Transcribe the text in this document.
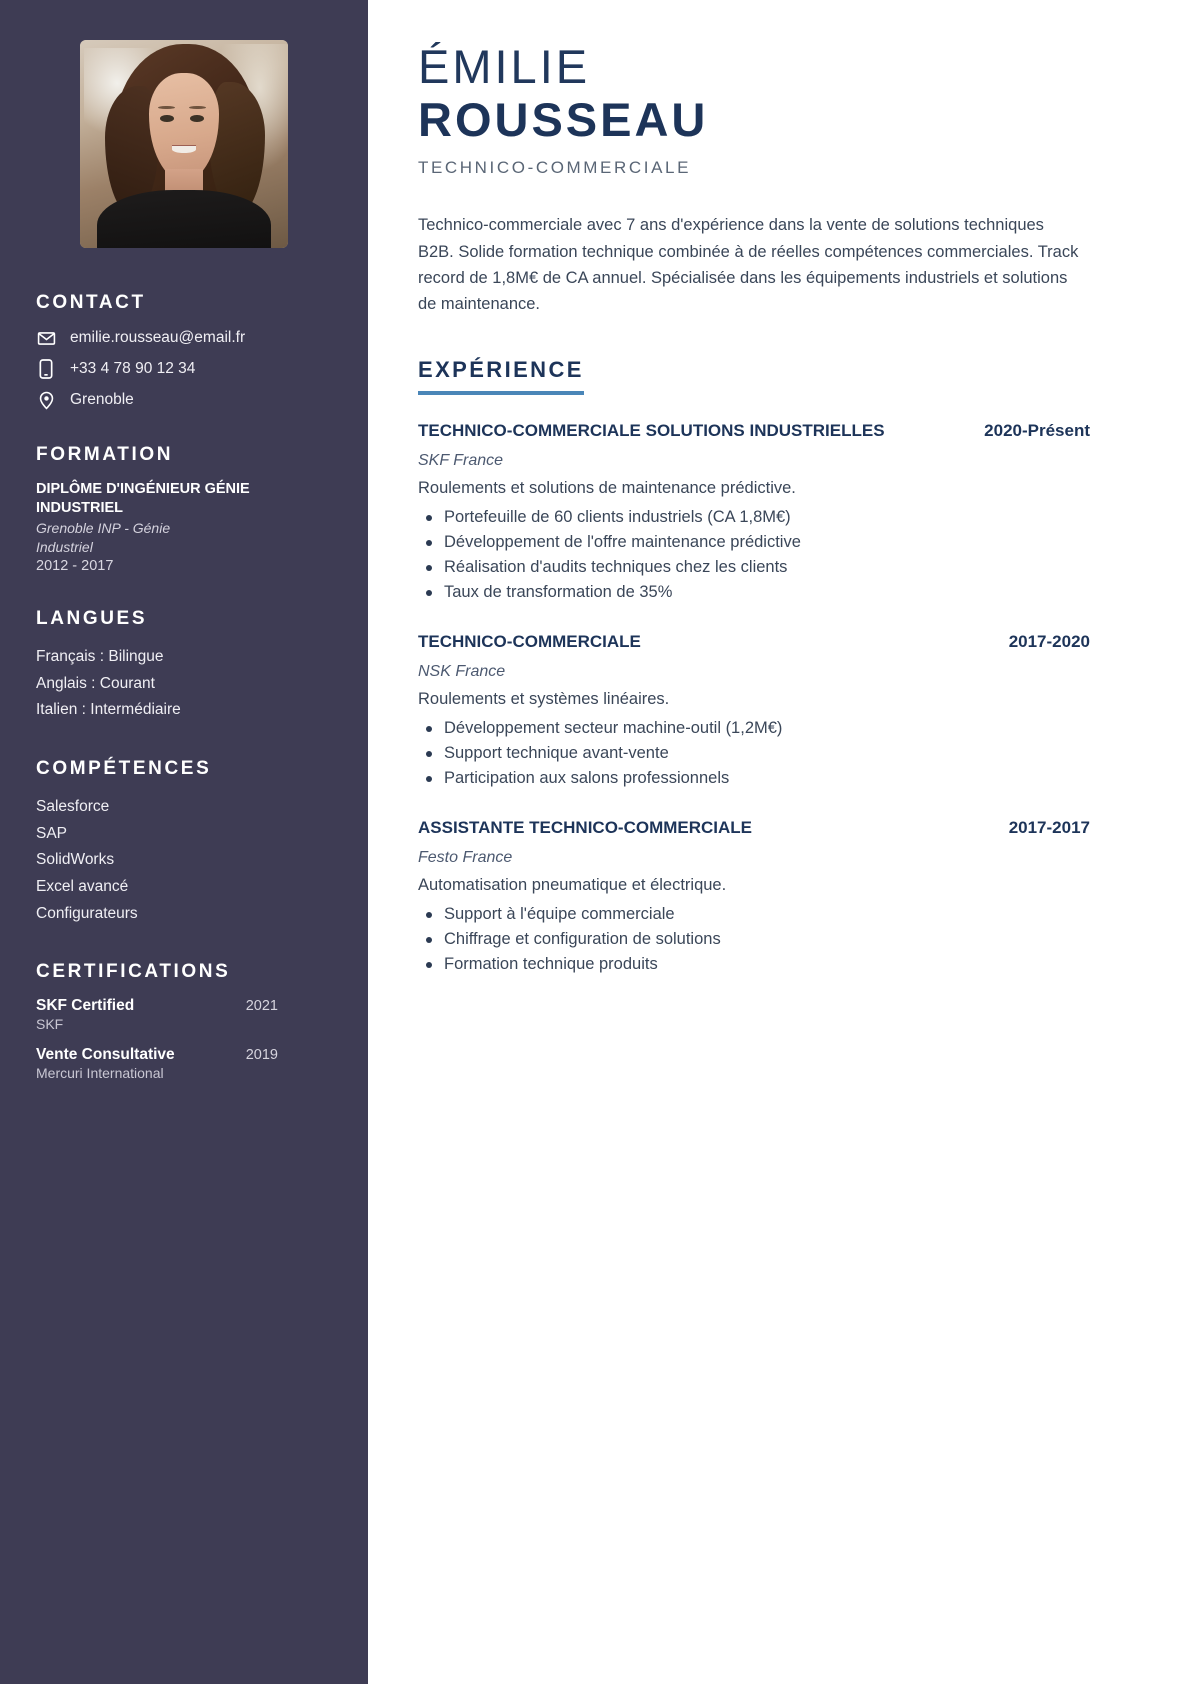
CONTACT
emilie.rousseau@email.fr
+33 4 78 90 12 34
Grenoble
FORMATION
DIPLÔME D'INGÉNIEUR GÉNIE INDUSTRIEL
Grenoble INP - Génie Industriel
2012 - 2017
LANGUES
Français : Bilingue
Anglais : Courant
Italien : Intermédiaire
COMPÉTENCES
Salesforce
SAP
SolidWorks
Excel avancé
Configurateurs
CERTIFICATIONS
SKF Certified	2021
SKF
Vente Consultative	2019
Mercuri International
ÉMILIE
ROUSSEAU
TECHNICO-COMMERCIALE

Technico-commerciale avec 7 ans d'expérience dans la vente de solutions techniques B2B. Solide formation technique combinée à de réelles compétences commerciales. Track record de 1,8M€ de CA annuel. Spécialisée dans les équipements industriels et solutions de maintenance.

EXPÉRIENCE
TECHNICO-COMMERCIALE SOLUTIONS INDUSTRIELLES	2020-Présent
SKF France
Roulements et solutions de maintenance prédictive.
Portefeuille de 60 clients industriels (CA 1,8M€)
Développement de l'offre maintenance prédictive
Réalisation d'audits techniques chez les clients
Taux de transformation de 35%
TECHNICO-COMMERCIALE	2017-2020
NSK France
Roulements et systèmes linéaires.
Développement secteur machine-outil (1,2M€)
Support technique avant-vente
Participation aux salons professionnels
ASSISTANTE TECHNICO-COMMERCIALE	2017-2017
Festo France
Automatisation pneumatique et électrique.
Support à l'équipe commerciale
Chiffrage et configuration de solutions
Formation technique produits
